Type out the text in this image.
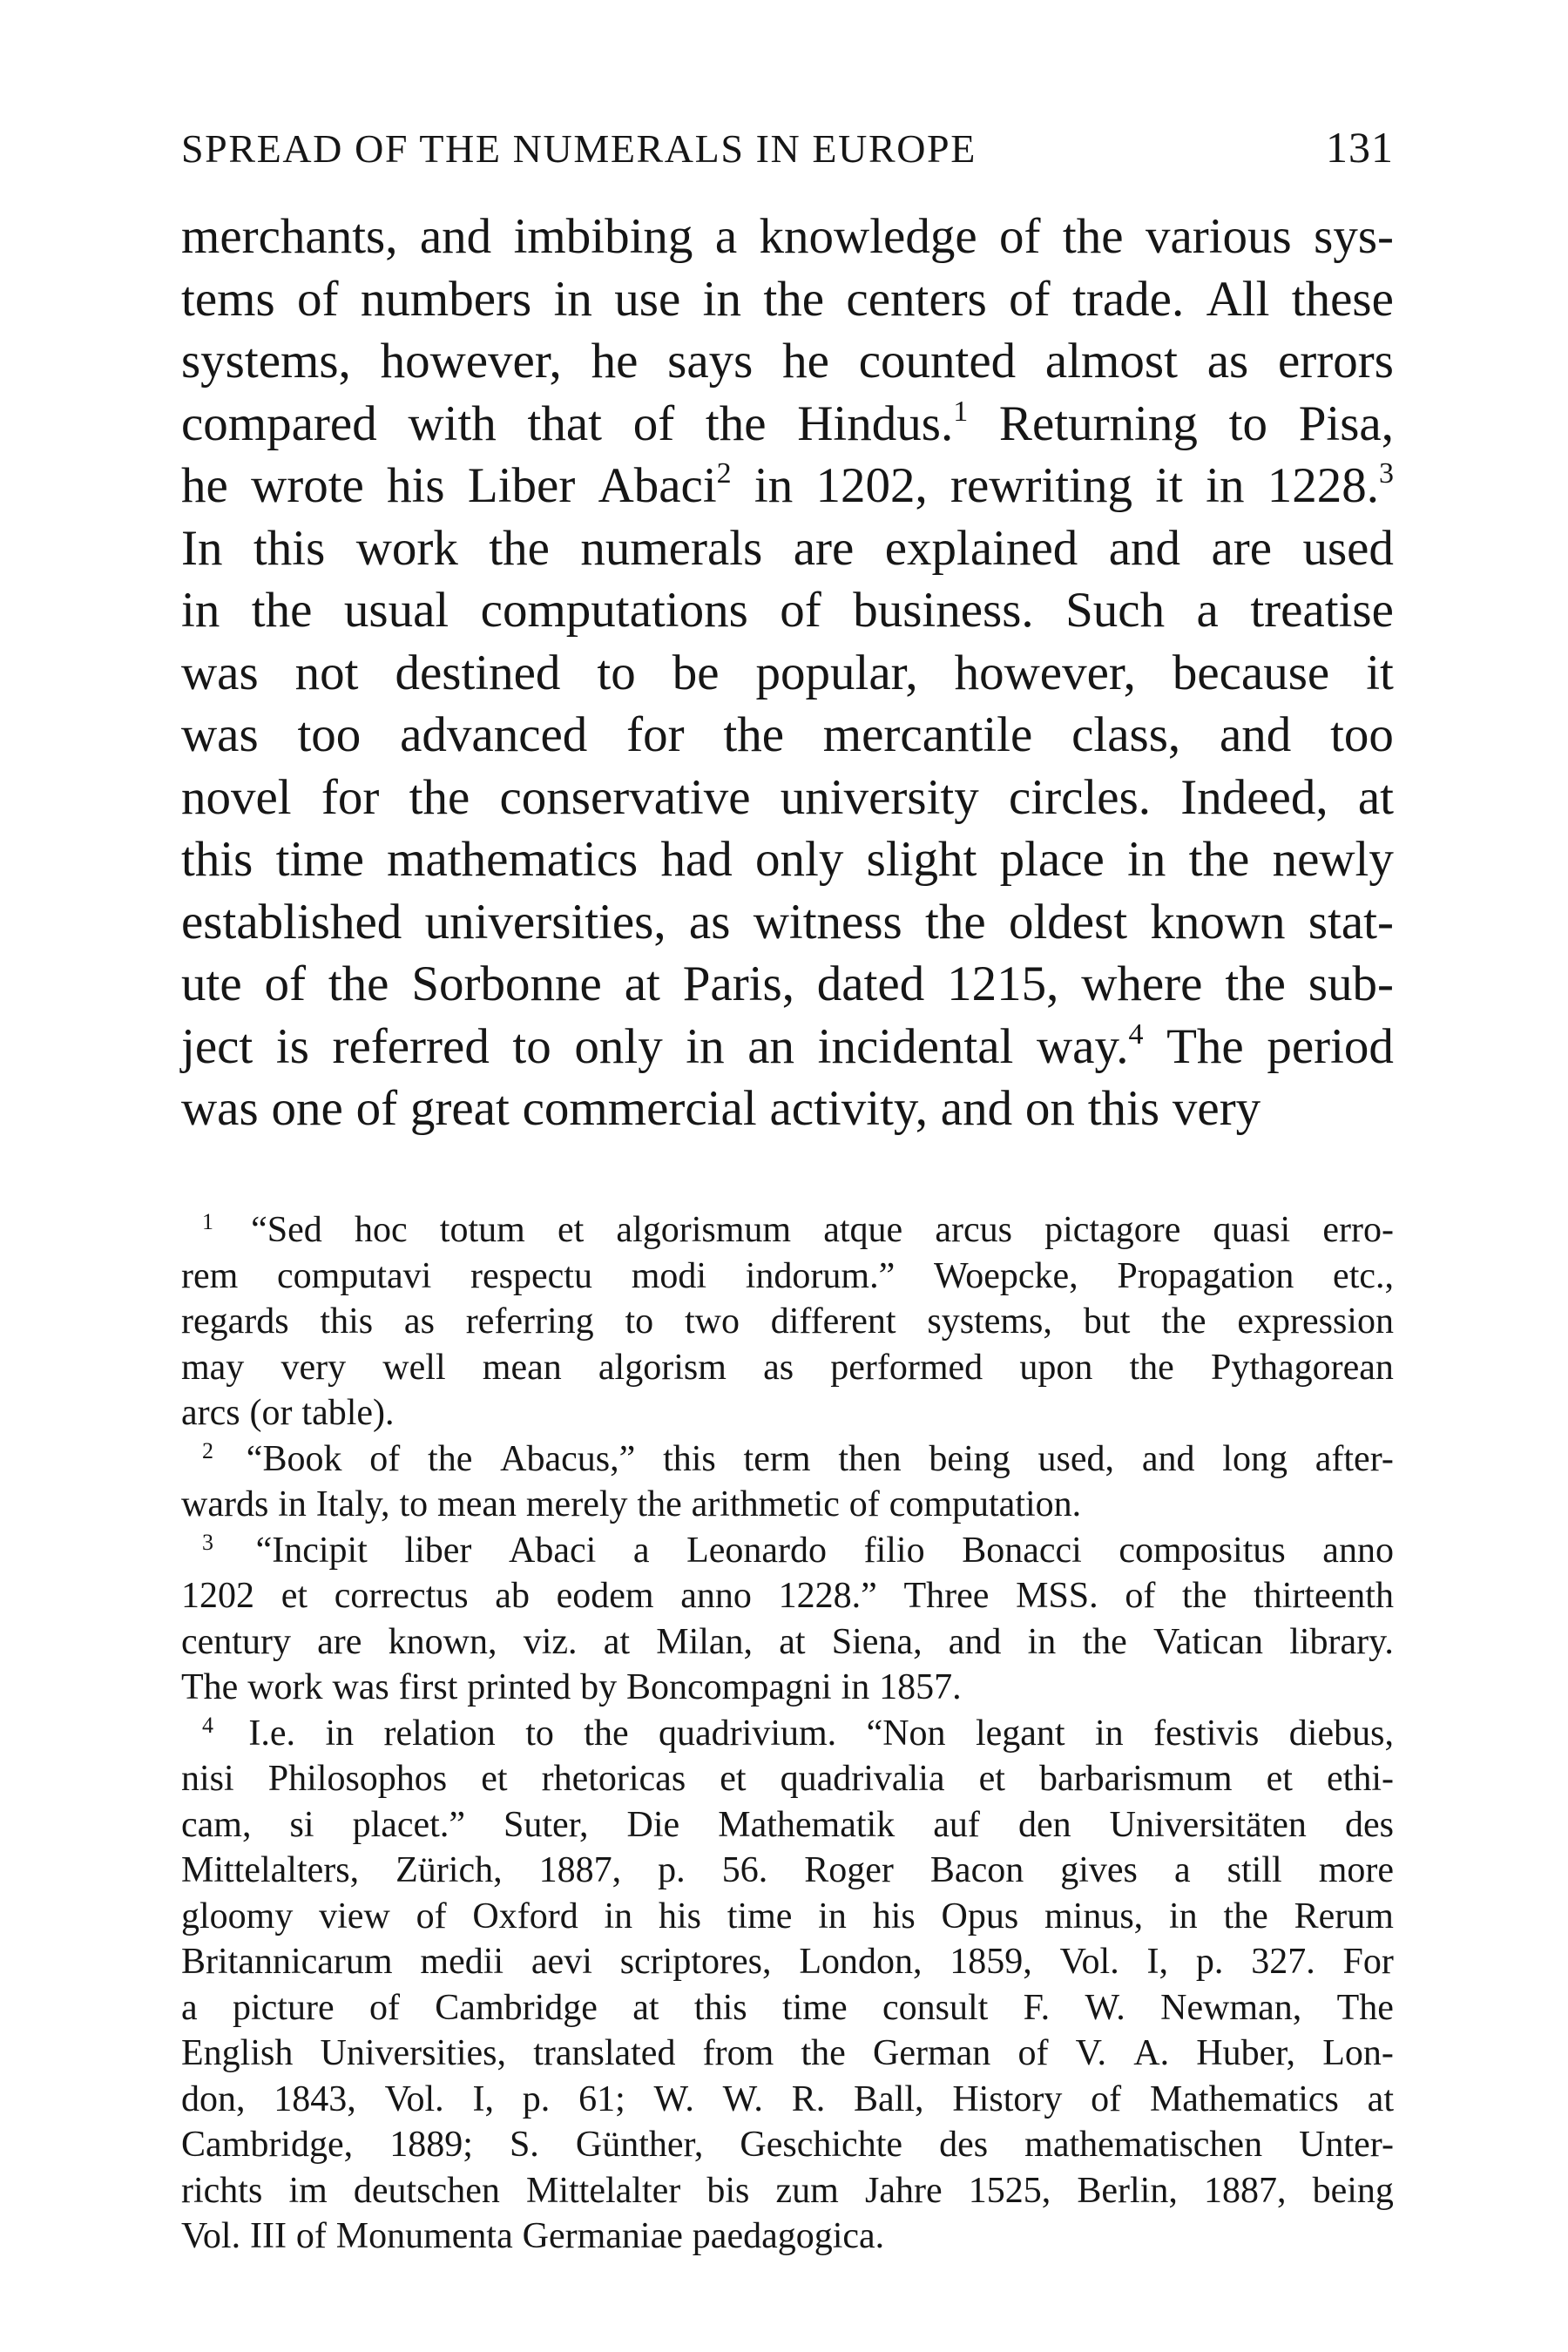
SPREAD OF THE NUMERALS IN EUROPE	131
merchants, and imbibing a knowledge of the various sys-
tems of numbers in use in the centers of trade. All these
systems, however, he says he counted almost as errors
compared with that of the Hindus.$^1$ Returning to Pisa,
he wrote his Liber Abaci$^2$ in 1202, rewriting it in 1228.$^3$
In this work the numerals are explained and are used
in the usual computations of business. Such a treatise
was not destined to be popular, however, because it
was too advanced for the mercantile class, and too
novel for the conservative university circles. Indeed, at
this time mathematics had only slight place in the newly
established universities, as witness the oldest known stat-
ute of the Sorbonne at Paris, dated 1215, where the sub-
ject is referred to only in an incidental way.$^4$ The period
was one of great commercial activity, and on this very
$^1$ “Sed hoc totum et algorismum atque arcus pictagore quasi erro-
rem computavi respectu modi indorum.” Woepcke, Propagation etc.,
regards this as referring to two different systems, but the expression
may very well mean algorism as performed upon the Pythagorean
arcs (or table).
$^2$ “Book of the Abacus,” this term then being used, and long after-
wards in Italy, to mean merely the arithmetic of computation.
$^3$ “Incipit liber Abaci a Leonardo filio Bonacci compositus anno
1202 et correctus ab eodem anno 1228.” Three MSS. of the thirteenth
century are known, viz. at Milan, at Siena, and in the Vatican library.
The work was first printed by Boncompagni in 1857.
$^4$ I.e. in relation to the quadrivium. “Non legant in festivis diebus,
nisi Philosophos et rhetoricas et quadrivalia et barbarismum et ethi-
cam, si placet.” Suter, Die Mathematik auf den Universitäten des
Mittelalters, Zürich, 1887, p. 56. Roger Bacon gives a still more
gloomy view of Oxford in his time in his Opus minus, in the Rerum
Britannicarum medii aevi scriptores, London, 1859, Vol. I, p. 327. For
a picture of Cambridge at this time consult F. W. Newman, The
English Universities, translated from the German of V. A. Huber, Lon-
don, 1843, Vol. I, p. 61; W. W. R. Ball, History of Mathematics at
Cambridge, 1889; S. Günther, Geschichte des mathematischen Unter-
richts im deutschen Mittelalter bis zum Jahre 1525, Berlin, 1887, being
Vol. III of Monumenta Germaniae paedagogica.
